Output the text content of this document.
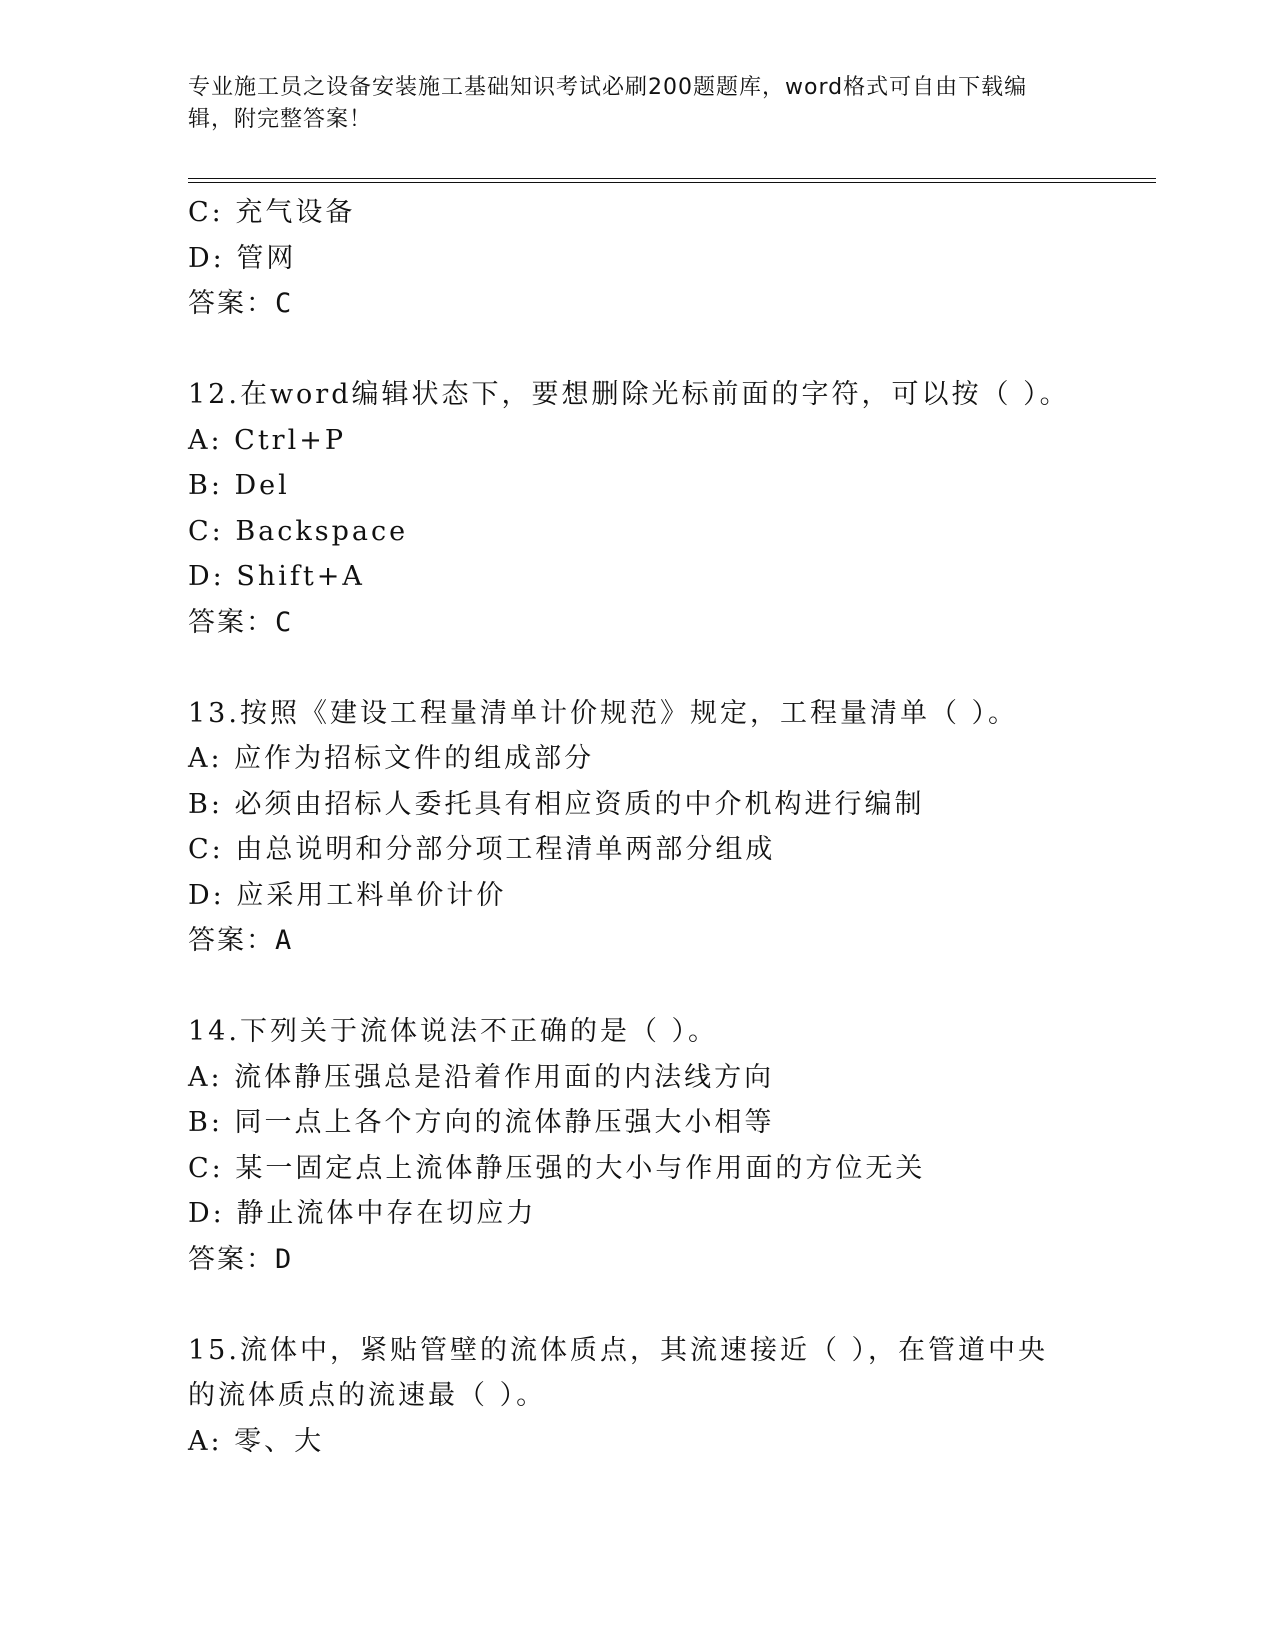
专业施工员之设备安装施工基础知识考试必刷200题题库，word格式可自由下载编辑，附完整答案！
C: 充气设备
D: 管网
答案：C
12.在word编辑状态下，要想删除光标前面的字符，可以按（ ）。
A: Ctrl+P
B: Del
C: Backspace
D: Shift+A
答案：C
13.按照《建设工程量清单计价规范》规定，工程量清单（ ）。
A: 应作为招标文件的组成部分
B: 必须由招标人委托具有相应资质的中介机构进行编制
C: 由总说明和分部分项工程清单两部分组成
D: 应采用工料单价计价
答案：A
14.下列关于流体说法不正确的是（ ）。
A: 流体静压强总是沿着作用面的内法线方向
B: 同一点上各个方向的流体静压强大小相等
C: 某一固定点上流体静压强的大小与作用面的方位无关
D: 静止流体中存在切应力
答案：D
15.流体中，紧贴管壁的流体质点，其流速接近（ ），在管道中央的流体质点的流速最（ ）。
A: 零、大
